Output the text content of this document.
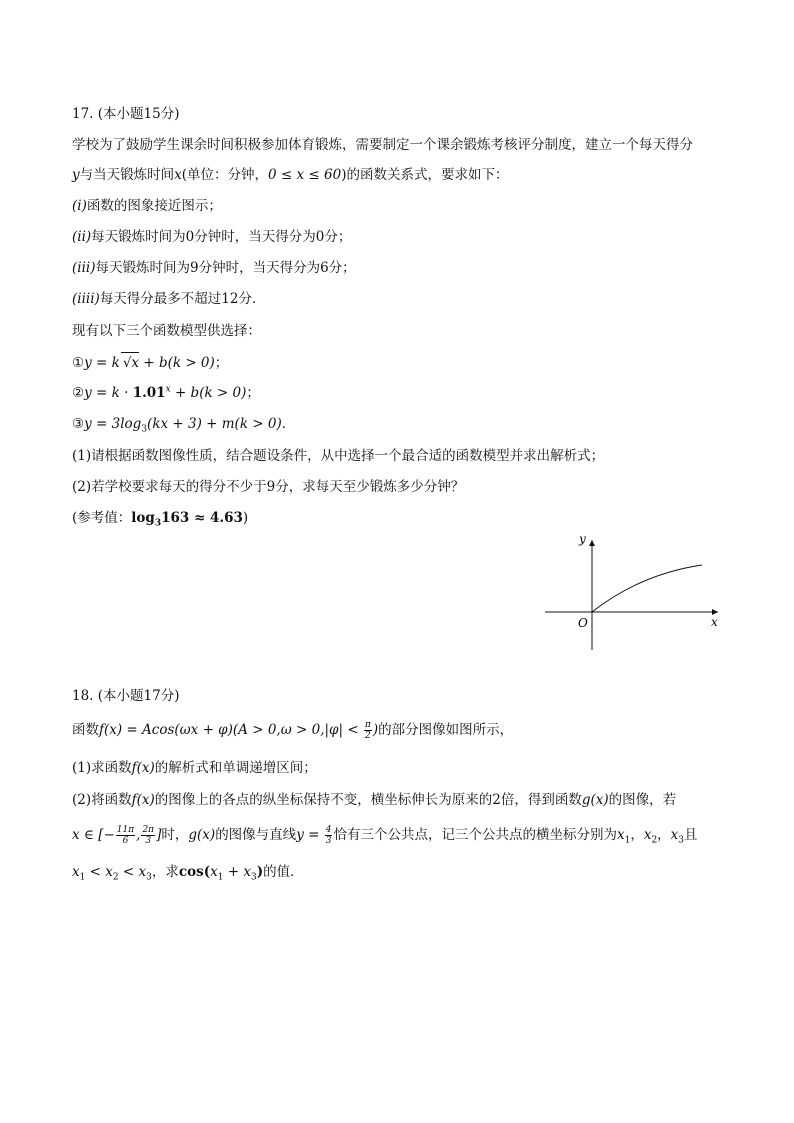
17. (本小题15分)
学校为了鼓励学生课余时间积极参加体育锻炼，需要制定一个课余锻炼考核评分制度，建立一个每天得分
y与当天锻炼时间x(单位：分钟，0 ≤ x ≤ 60)的函数关系式，要求如下：
(i)函数的图象接近图示；
(ii)每天锻炼时间为0分钟时，当天得分为0分；
(iii)每天锻炼时间为9分钟时，当天得分为6分；
(iiii)每天得分最多不超过12分．
现有以下三个函数模型供选择：
①y = k √x + b(k > 0)；
②y = $k \cdot 1.01^x + b(k > 0)$；
③y = $3\log_3(kx + 3) + m(k > 0)$．
(1)请根据函数图像性质，结合题设条件，从中选择一个最合适的函数模型并求出解析式；
(2)若学校要求每天的得分不少于9分，求每天至少锻炼多少分钟？
(参考值：$\log_3163 \approx 4.63$)
y
x
O
18. (本小题17分)
函数$f(x) = Acos(\omega x + \varphi)(A > 0,\omega > 0,|\varphi| < \frac{\pi}{2}$ )的部分图像如图所示，
(1)求函数f(x)的解析式和单调递增区间；
(2)将函数f(x)的图像上的各点的纵坐标保持不变，横坐标伸长为原来的2倍，得到函数g(x)的图像，若
x ∈ [− $\frac{11\pi}{6}$ , $\frac{2\pi}{3}$ ]时，g(x)的图像与直线$y = \frac{4}{3}$ 恰有三个公共点，记三个公共点的横坐标分别为$x_1$，$x_2$，$x_3$且
$x_1 < x_2 < x_3$，求$\cos(x_1 + x_3)$的值．
